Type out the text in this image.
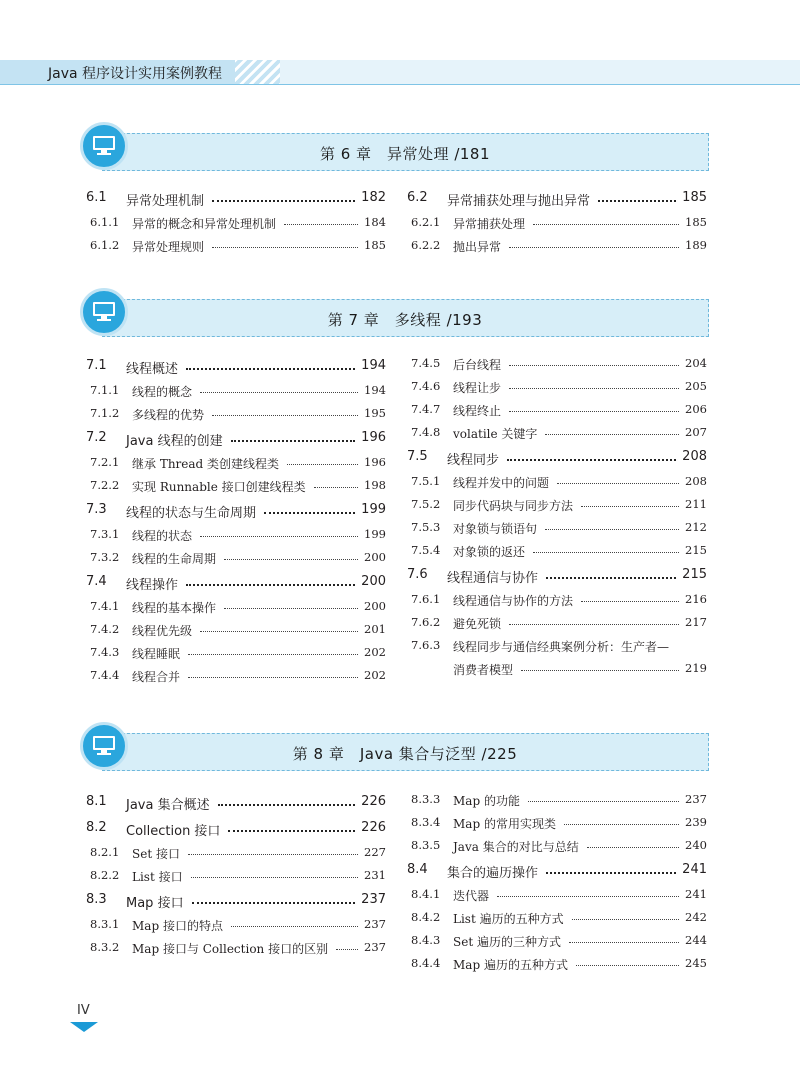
Java 程序设计实用案例教程
第 6 章　异常处理 /181
6.1 异常处理机制	182
6.1.1 异常的概念和异常处理机制	184
6.1.2 异常处理规则	185
6.2 异常捕获处理与抛出异常	185
6.2.1 异常捕获处理	185
6.2.2 抛出异常	189
第 7 章　多线程 /193
7.1 线程概述	194
7.1.1 线程的概念	194
7.1.2 多线程的优势	195
7.2 Java 线程的创建	196
7.2.1 继承 Thread 类创建线程类	196
7.2.2 实现 Runnable 接口创建线程类	198
7.3 线程的状态与生命周期	199
7.3.1 线程的状态	199
7.3.2 线程的生命周期	200
7.4 线程操作	200
7.4.1 线程的基本操作	200
7.4.2 线程优先级	201
7.4.3 线程睡眠	202
7.4.4 线程合并	202
7.4.5 后台线程	204
7.4.6 线程让步	205
7.4.7 线程终止	206
7.4.8 volatile 关键字	207
7.5 线程同步	208
7.5.1 线程并发中的问题	208
7.5.2 同步代码块与同步方法	211
7.5.3 对象锁与锁语句	212
7.5.4 对象锁的返还	215
7.6 线程通信与协作	215
7.6.1 线程通信与协作的方法	216
7.6.2 避免死锁	217
7.6.3 线程同步与通信经典案例分析：生产者—
消费者模型	219
第 8 章　Java 集合与泛型 /225
8.1 Java 集合概述	226
8.2 Collection 接口	226
8.2.1 Set 接口	227
8.2.2 List 接口	231
8.3 Map 接口	237
8.3.1 Map 接口的特点	237
8.3.2 Map 接口与 Collection 接口的区别	237
8.3.3 Map 的功能	237
8.3.4 Map 的常用实现类	239
8.3.5 Java 集合的对比与总结	240
8.4 集合的遍历操作	241
8.4.1 迭代器	241
8.4.2 List 遍历的五种方式	242
8.4.3 Set 遍历的三种方式	244
8.4.4 Map 遍历的五种方式	245
IV
